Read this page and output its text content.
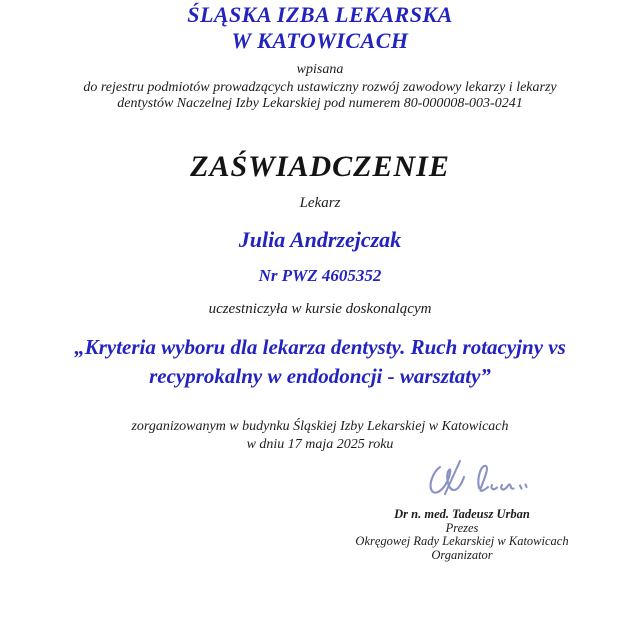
ŚLĄSKA IZBA LEKARSKA
W KATOWICACH
wpisana
do rejestru podmiotów prowadzących ustawiczny rozwój zawodowy lekarzy i lekarzy
dentystów Naczelnej Izby Lekarskiej pod numerem 80-000008-003-0241
ZAŚWIADCZENIE
Lekarz
Julia Andrzejczak
Nr PWZ 4605352
uczestniczyła w kursie doskonalącym
„Kryteria wyboru dla lekarza dentysty. Ruch rotacyjny vs
recyprokalny w endodoncji - warsztaty”
zorganizowanym w budynku Śląskiej Izby Lekarskiej w Katowicach
w dniu 17 maja 2025 roku
Dr n. med. Tadeusz Urban
Prezes
Okręgowej Rady Lekarskiej w Katowicach
Organizator
